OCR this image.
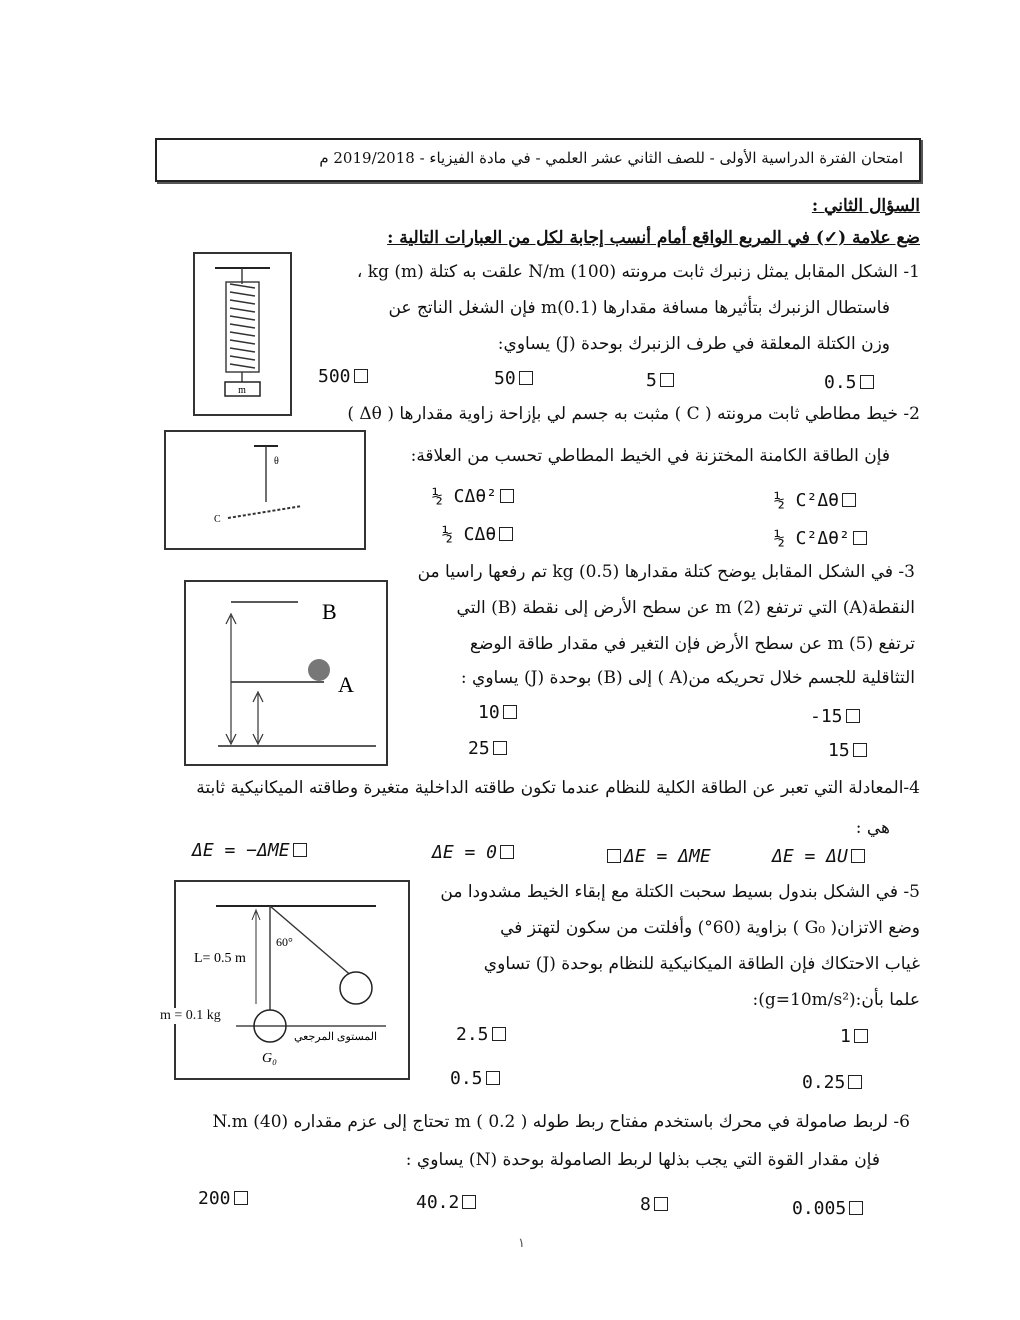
امتحان الفترة الدراسية الأولى - للصف الثاني عشر العلمي - في مادة الفيزياء - 2019/2018 م
السؤال الثاني :
ضع علامة (✓) في المربع الواقع أمام أنسب إجابة لكل من العبارات التالية :
m
1- الشكل المقابل يمثل زنبرك ثابت مرونته N/m (100) علقت به كتلة kg (m) ،
فاستطال الزنبرك بتأثيرها مسافة مقدارها m(0.1) فإن الشغل الناتج عن
وزن الكتلة المعلقة في طرف الزنبرك بوحدة (J) يساوي:
0.5
5
50
500
2- خيط مطاطي ثابت مرونته ( C ) مثبت به جسم لي بإزاحة زاوية مقدارها ( Δθ )
θ
C
فإن الطاقة الكامنة المختزنة في الخيط المطاطي تحسب من العلاقة:
½ C²Δθ
½ CΔθ²
½ C²Δθ²
½ CΔθ
B
A
3- في الشكل المقابل يوضح كتلة مقدارها kg (0.5) تم رفعها راسيا من
النقطة(A) التي ترتفع m (2) عن سطح الأرض إلى نقطة (B) التي
ترتفع m (5) عن سطح الأرض فإن التغير في مقدار طاقة الوضع
التثاقلية للجسم خلال تحريكه من(A ) إلى (B) بوحدة (J) يساوي :
-15
10
15
25
4-المعادلة التي تعبر عن الطاقة الكلية للنظام عندما تكون طاقته الداخلية متغيرة وطاقته الميكانيكية ثابتة
هي :
ΔE = ΔU
ΔE = ΔME
ΔE = 0
ΔE = −ΔME
60°
L= 0.5 m
المستوى المرجعي
G₀
m = 0.1 kg
5- في الشكل بندول بسيط سحبت الكتلة مع إبقاء الخيط مشدودا من
وضع الاتزان( G₀ ) بزاوية (60°) وأفلتت من سكون لتهتز في
غياب الاحتكاك فإن الطاقة الميكانيكية للنظام بوحدة (J) تساوي
علما بأن:(g=10m/s²):
1
2.5
0.25
0.5
6- لربط صامولة في محرك باستخدم مفتاح ربط طوله m ( 0.2 ) تحتاج إلى عزم مقداره N.m (40)
فإن مقدار القوة التي يجب بذلها لربط الصامولة بوحدة (N) يساوي :
0.005
8
40.2
200
۱
